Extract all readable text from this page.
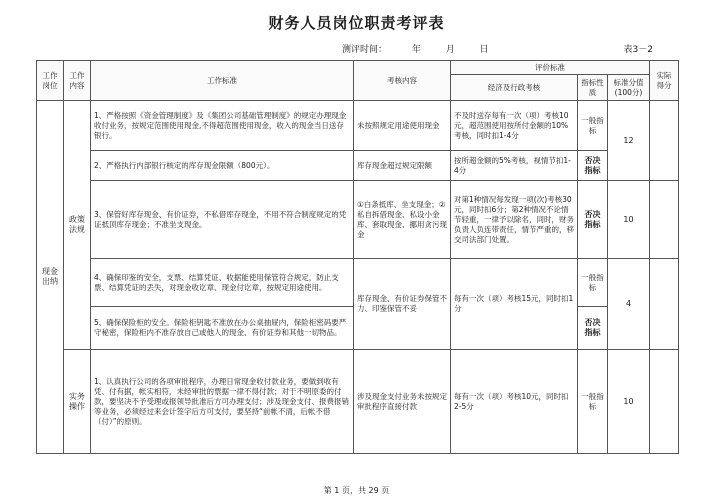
财务人员岗位职责考评表
测评时间：	年	月	日	表3－2
工作岗位	工作内容	工作标准	考核内容	评价标准			实际得分
				经济及行政考核	指标性质	标准分值(100分)	
现金出纳	政策法规	1、严格按照《资金管理制度》及《集团公司基础管理制度》的规定办理现金收付业务，按规定范围使用现金,不得超范围使用现金，收入的现金当日送存银行。	未按照规定用途使用现金	不及时送存每有一次（项）考核10元，超范围使用按所付金额的10%考核，同时扣1-4分	一般指标	12	
		2、严格执行内部银行核定的库存现金限额（800元）。	库存现金超过规定限额	按所超金额的5%考核，视情节扣1-4分	否决指标		
		3、保管好库存现金、有价证券，不私借库存现金，不用不符合制度规定的凭证抵顶库存现金；不准坐支现金。	①白条抵库、坐支现金；②私自拆借现金、私设小金库、套取现金、挪用贪污现金	对第1种情况每发现一项(次)考核30元，同时扣6分；第2种情况不论情节轻重，一律予以除名，同时，财务负责人负连带责任，情节严重的，移交司法部门处置。	否决指标	10	
		4、确保印鉴的安全，支票、结算凭证、收据能使用保管符合规定，防止支票、结算凭证的丢失，对现金收讫章、现金付讫章，按规定用途使用。	库存现金、有价证券保管不力、印鉴保管不妥	每有一次（项）考核15元，同时扣1分	一般指标	4	
		5、确保保险柜的安全。保险柜钥匙不准放在办公桌抽屉内，保险柜密码要严守秘密，保险柜内不准存放自己或他人的现金、有价证券和其他一切物品。			否决指标		
	实务操作	1、认真执行公司的各项审批程序，办理日常现金收付款业务，要做到收有凭、付有据，帐实相符，未经审批的票据一律不得付款；对于不明原委的付款，要坚决不予受理或报领导批准后方可办理支付；涉及现金支付、报费报销等业务，必须经过来会计签字后方可支付，要坚持“前帐不清，后帐不借（付）”的原则。	涉及现金支付业务未按规定审批程序直接付款	每有一次（项）考核10元，同时扣2-5分	一般指标	10	
第 1 页，共 29 页
